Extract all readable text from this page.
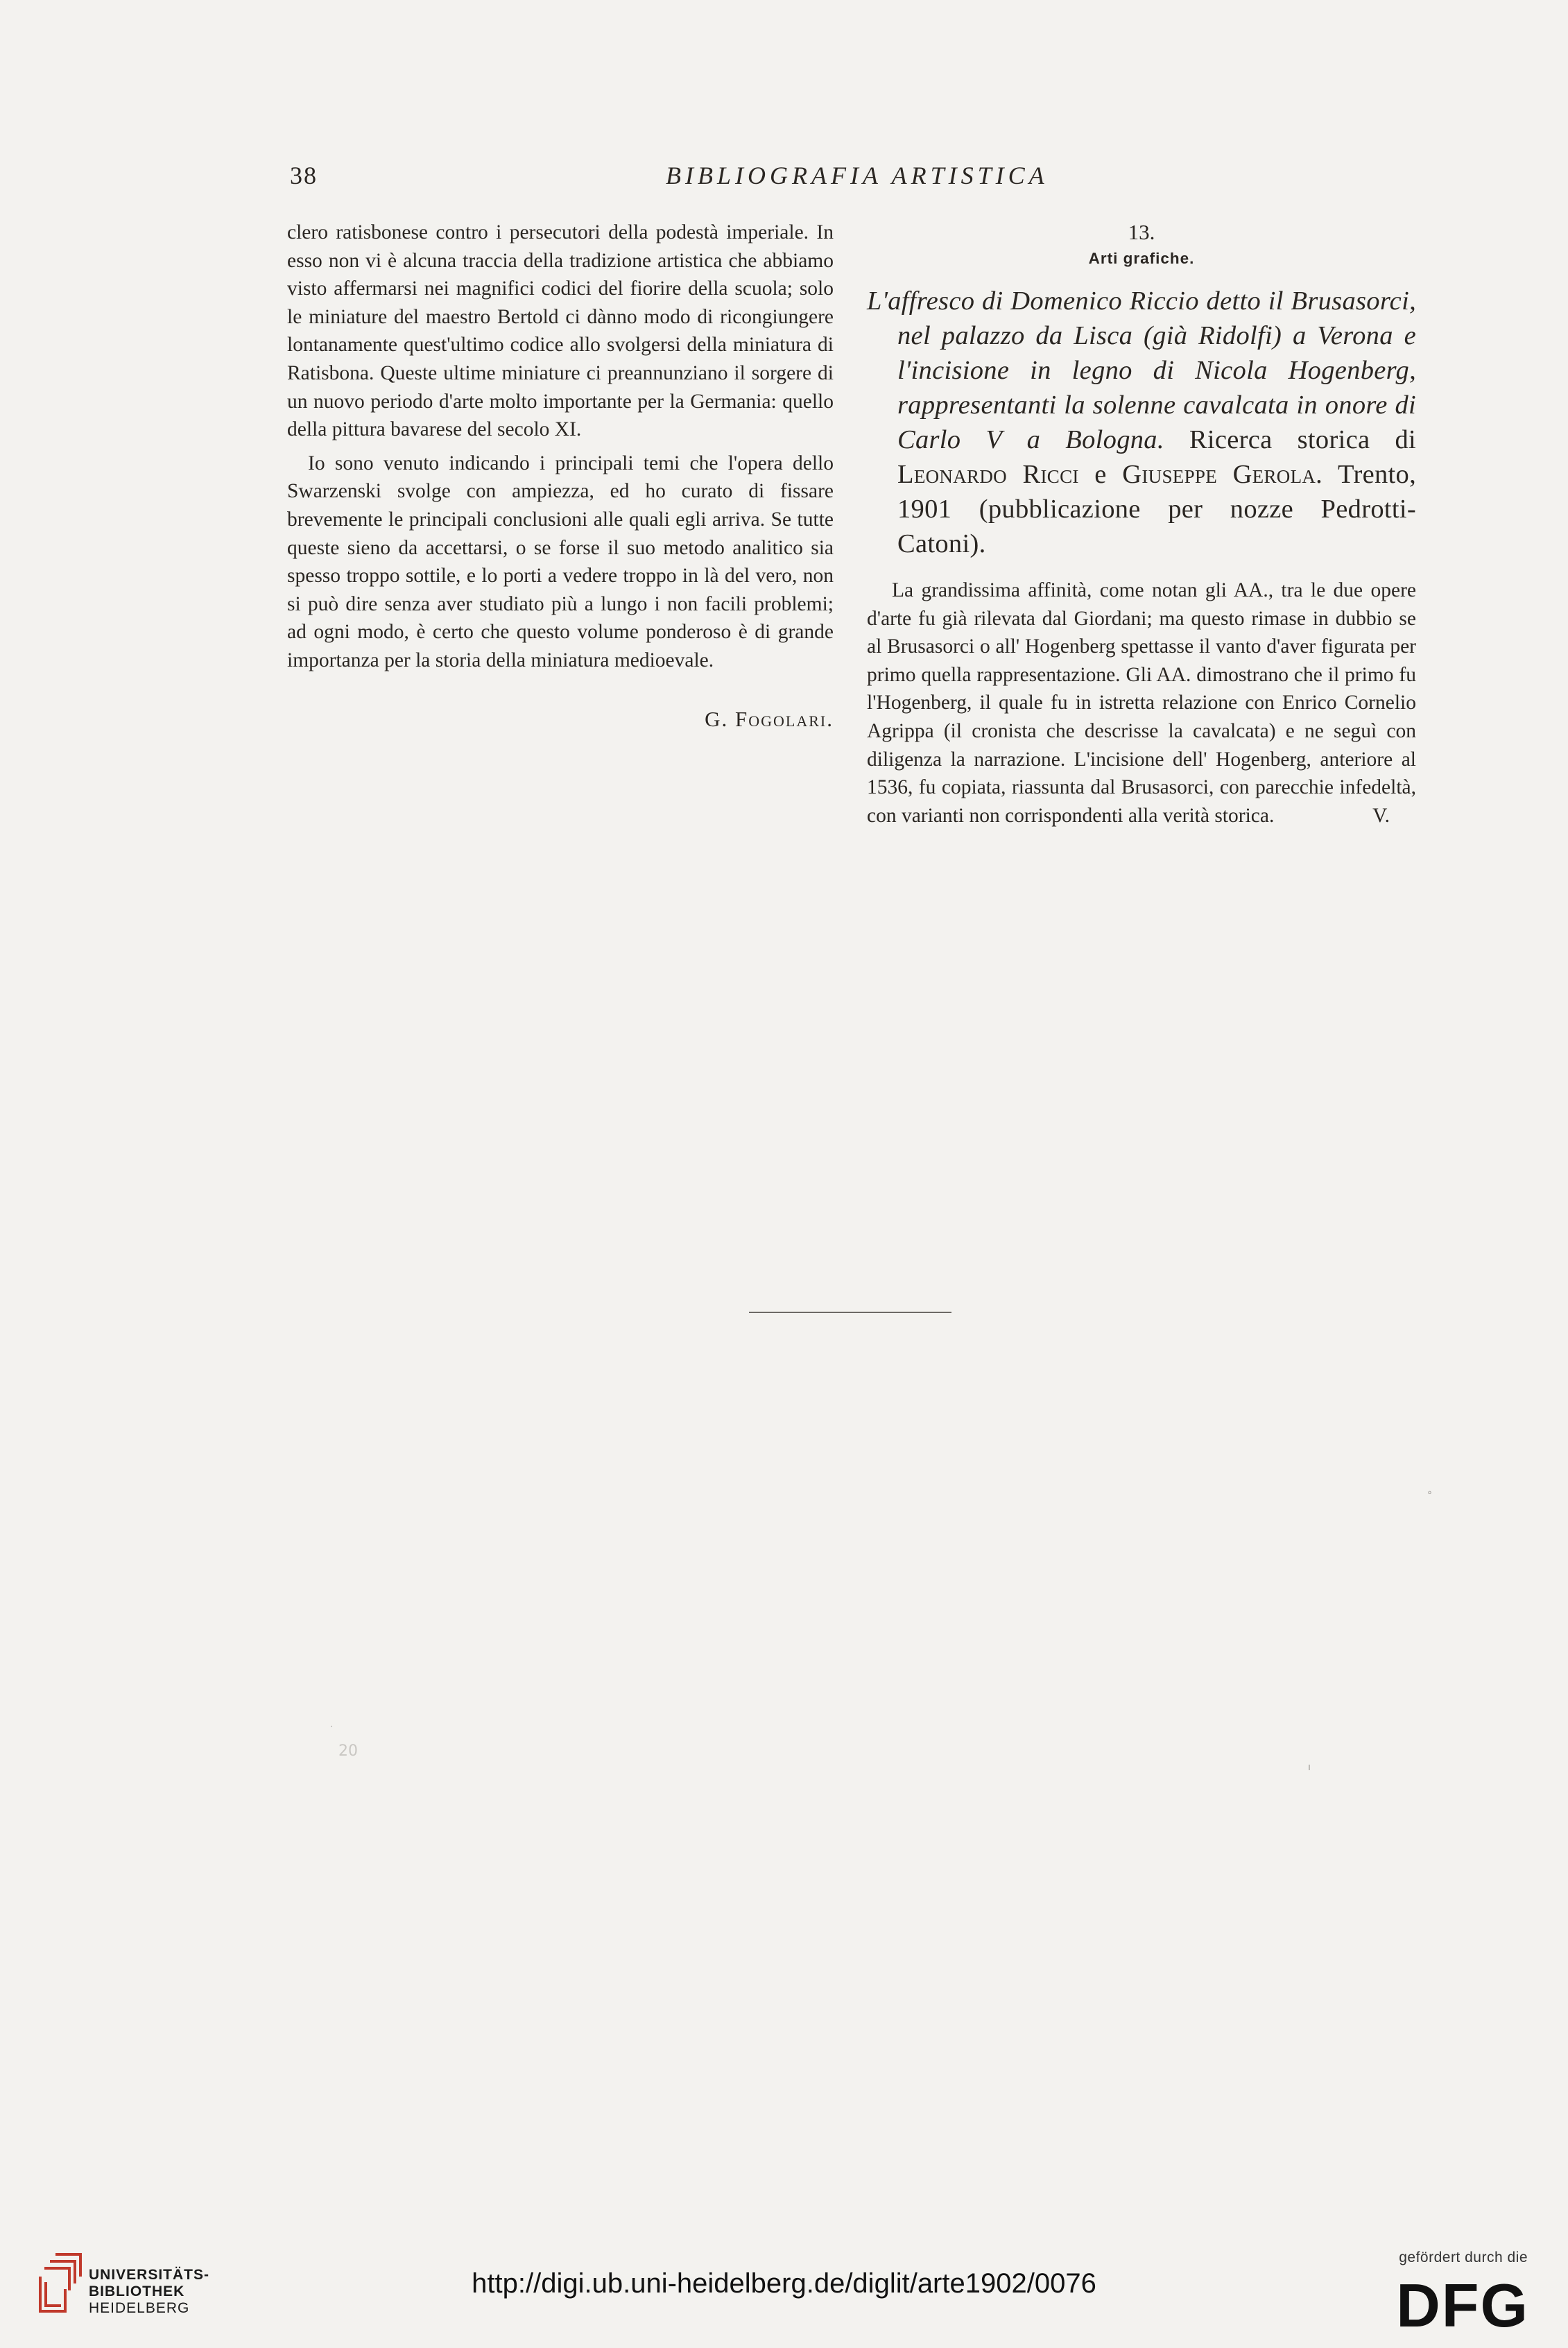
38	BIBLIOGRAFIA ARTISTICA

clero ratisbonese contro i persecutori della podestà imperiale. In esso non vi è alcuna traccia della tradizione artistica che abbiamo visto affermarsi nei magnifici codici del fiorire della scuola; solo le miniature del maestro Bertold ci dànno modo di ricongiungere lontanamente quest'ultimo codice allo svolgersi della miniatura di Ratisbona. Queste ultime miniature ci preannunziano il sorgere di un nuovo periodo d'arte molto importante per la Germania: quello della pittura bavarese del secolo XI.

Io sono venuto indicando i principali temi che l'opera dello Swarzenski svolge con ampiezza, ed ho curato di fissare brevemente le principali conclusioni alle quali egli arriva. Se tutte queste sieno da accettarsi, o se forse il suo metodo analitico sia spesso troppo sottile, e lo porti a vedere troppo in là del vero, non si può dire senza aver studiato più a lungo i non facili problemi; ad ogni modo, è certo che questo volume ponderoso è di grande importanza per la storia della miniatura medioevale.

G. Fogolari.

13.

Arti grafiche.

L'affresco di Domenico Riccio detto il Brusasorci, nel palazzo da Lisca (già Ridolfi) a Verona e l'incisione in legno di Nicola Hogenberg, rappresentanti la solenne cavalcata in onore di Carlo V a Bologna. Ricerca storica di Leonardo Ricci e Giuseppe Gerola. Trento, 1901 (pubblicazione per nozze Pedrotti-Catoni).

La grandissima affinità, come notan gli AA., tra le due opere d'arte fu già rilevata dal Giordani; ma questo rimase in dubbio se al Brusasorci o all' Hogenberg spettasse il vanto d'aver figurata per primo quella rappresentazione. Gli AA. dimostrano che il primo fu l'Hogenberg, il quale fu in istretta relazione con Enrico Cornelio Agrippa (il cronista che descrisse la cavalcata) e ne seguì con diligenza la narrazione. L'incisione dell' Hogenberg, anteriore al 1536, fu copiata, riassunta dal Brusasorci, con parecchie infedeltà, con varianti non corrispondenti alla verità storica.	V.

°
·
ı
20
UNIVERSITÄTS-
BIBLIOTHEK
HEIDELBERG
http://digi.ub.uni-heidelberg.de/diglit/arte1902/0076
gefördert durch die
DFG
